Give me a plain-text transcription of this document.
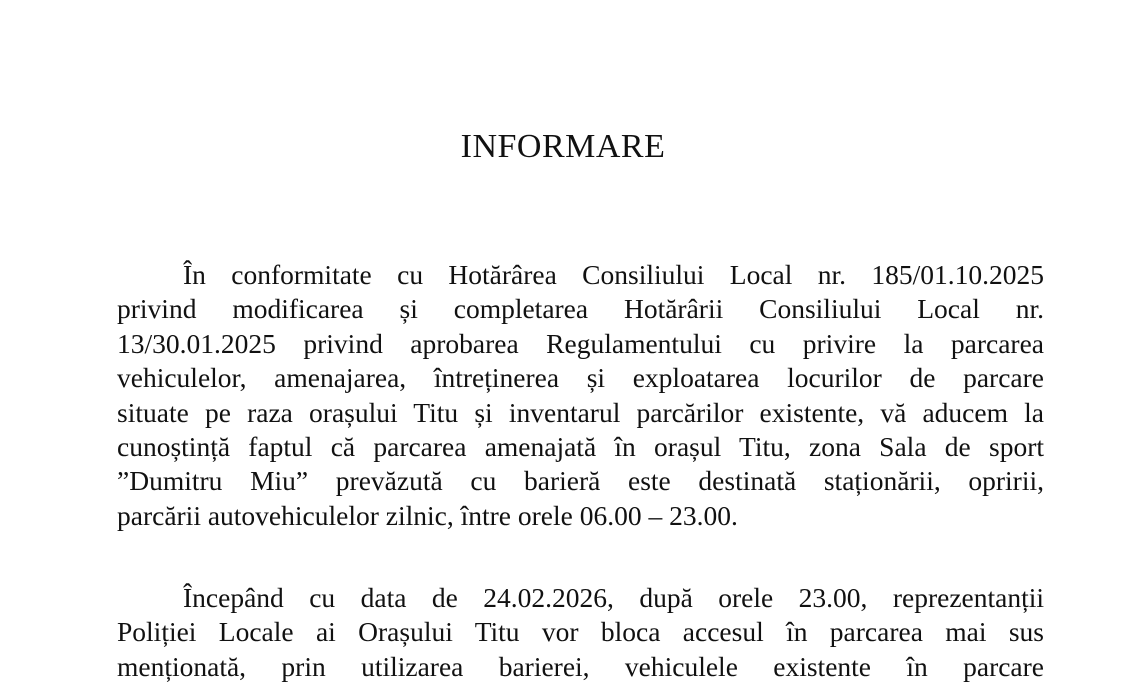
INFORMARE
În conformitate cu Hotărârea Consiliului Local nr. 185/01.10.2025
privind modificarea și completarea Hotărârii Consiliului Local nr.
13/30.01.2025 privind aprobarea Regulamentului cu privire la parcarea
vehiculelor, amenajarea, întreținerea și exploatarea locurilor de parcare
situate pe raza orașului Titu și inventarul parcărilor existente, vă aducem la
cunoștință faptul că parcarea amenajată în orașul Titu, zona Sala de sport
”Dumitru Miu” prevăzută cu barieră este destinată staționării, opririi,
parcării autovehiculelor zilnic, între orele 06.00 – 23.00.
Începând cu data de 24.02.2026, după orele 23.00, reprezentanții
Poliției Locale ai Orașului Titu vor bloca accesul în parcarea mai sus
menționată, prin utilizarea barierei, vehiculele existente în parcare
